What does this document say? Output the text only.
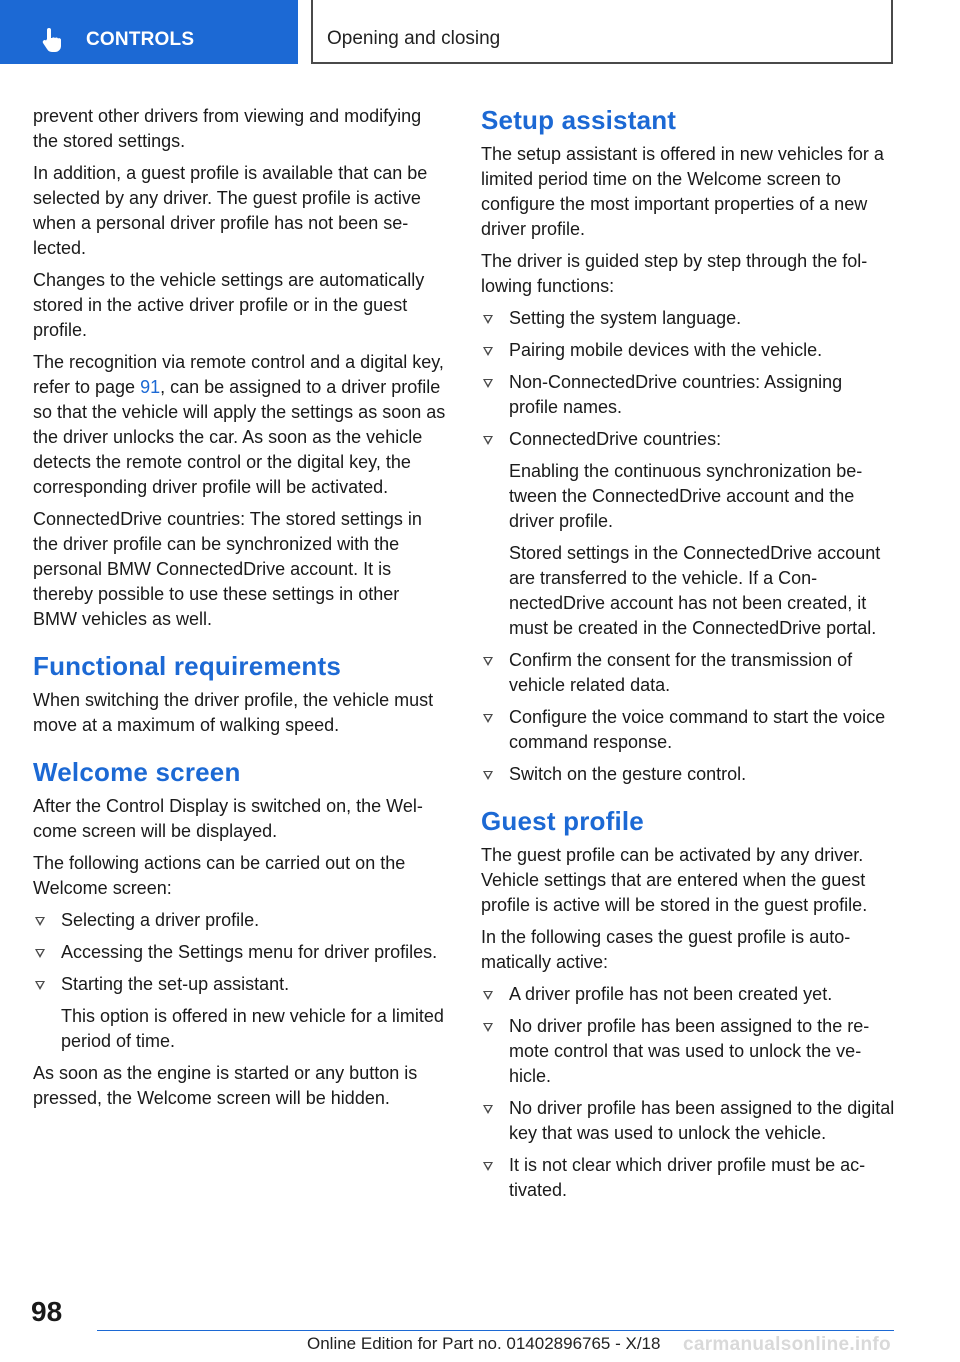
CONTROLS	Opening and closing

prevent other drivers from viewing and modifying the stored settings.

In addition, a guest profile is available that can be selected by any driver. The guest profile is active when a personal driver profile has not been selected.

Changes to the vehicle settings are automatically stored in the active driver profile or in the guest profile.

The recognition via remote control and a digital key, refer to page 91, can be assigned to a driver profile so that the vehicle will apply the settings as soon as the driver unlocks the car. As soon as the vehicle detects the remote control or the digital key, the corresponding driver profile will be activated.

ConnectedDrive countries: The stored settings in the driver profile can be synchronized with the personal BMW ConnectedDrive account. It is thereby possible to use these settings in other BMW vehicles as well.

Functional requirements

When switching the driver profile, the vehicle must move at a maximum of walking speed.

Welcome screen

After the Control Display is switched on, the Welcome screen will be displayed.

The following actions can be carried out on the Welcome screen:

Selecting a driver profile.
Accessing the Settings menu for driver profiles.
Starting the set-up assistant.
This option is offered in new vehicle for a limited period of time.

As soon as the engine is started or any button is pressed, the Welcome screen will be hidden.

Setup assistant

The setup assistant is offered in new vehicles for a limited period time on the Welcome screen to configure the most important properties of a new driver profile.

The driver is guided step by step through the following functions:

Setting the system language.
Pairing mobile devices with the vehicle.
Non-ConnectedDrive countries: Assigning profile names.
ConnectedDrive countries:
Enabling the continuous synchronization between the ConnectedDrive account and the driver profile.
Stored settings in the ConnectedDrive account are transferred to the vehicle. If a ConnectedDrive account has not been created, it must be created in the ConnectedDrive portal.
Confirm the consent for the transmission of vehicle related data.
Configure the voice command to start the voice command response.
Switch on the gesture control.
Guest profile

The guest profile can be activated by any driver. Vehicle settings that are entered when the guest profile is active will be stored in the guest profile.

In the following cases the guest profile is automatically active:

A driver profile has not been created yet.
No driver profile has been assigned to the remote control that was used to unlock the vehicle.
No driver profile has been assigned to the digital key that was used to unlock the vehicle.
It is not clear which driver profile must be activated.
98
Online Edition for Part no. 01402896765 - X/18 carmanualsonline.info
